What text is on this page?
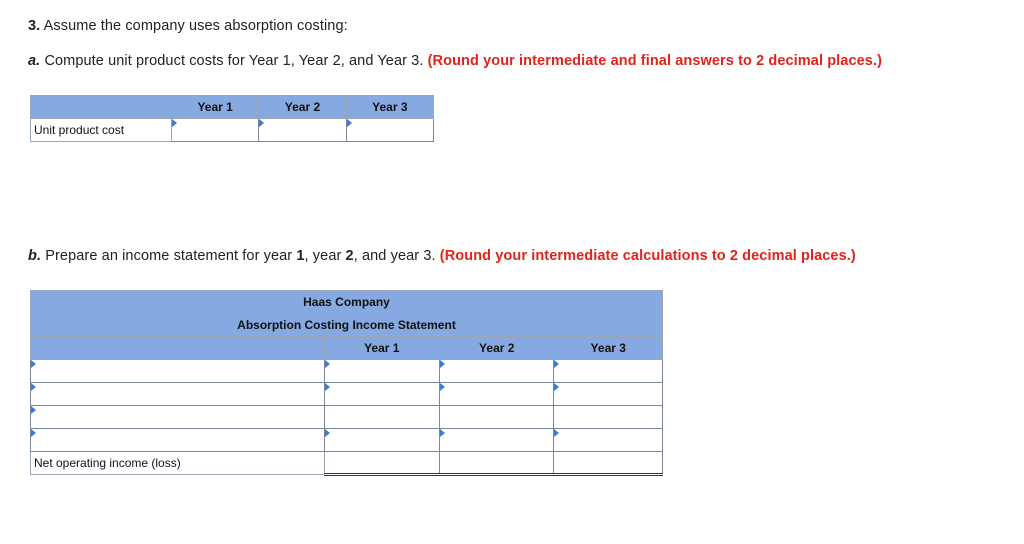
3. Assume the company uses absorption costing:
a. Compute unit product costs for Year 1, Year 2, and Year 3. (Round your intermediate and final answers to 2 decimal places.)
	Year 1	Year 2	Year 3
Unit product cost	

b. Prepare an income statement for year 1, year 2, and year 3. (Round your intermediate calculations to 2 decimal places.)
Haas Company			
Absorption Costing Income Statement			
	Year 1	Year 2	Year 3

Net operating income (loss)			
